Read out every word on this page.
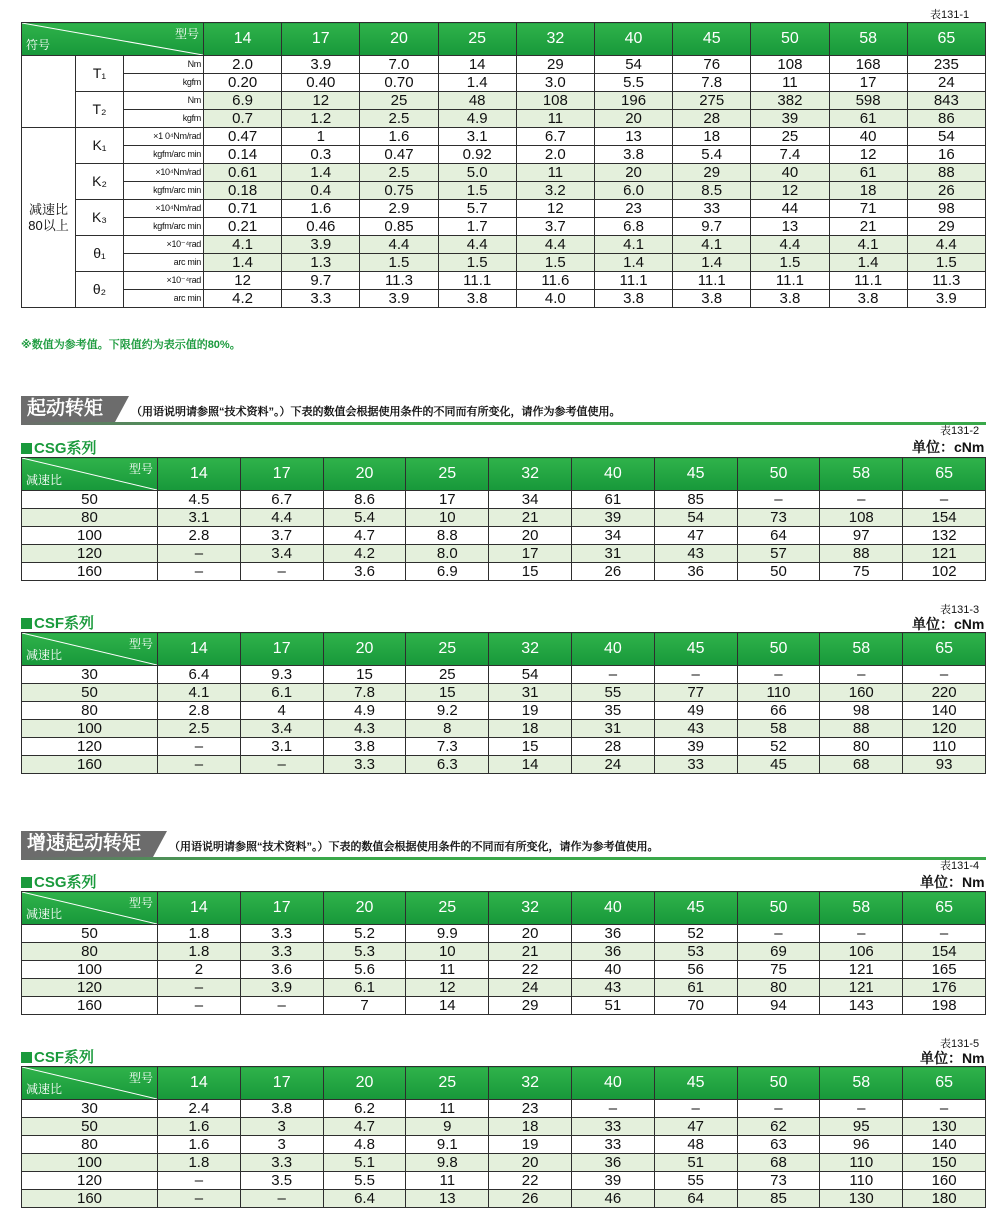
表131-1
型号
符号			14	17	20	25	32	40	45	50	58	65
	T₁	Nm	2.0	3.9	7.0	14	29	54	76	108	168	235
		kgfm	0.20	0.40	0.70	1.4	3.0	5.5	7.8	11	17	24
	T₂	Nm	6.9	12	25	48	108	196	275	382	598	843
		kgfm	0.7	1.2	2.5	4.9	11	20	28	39	61	86
减速比
80以上	K₁	×1 0⁴Nm/rad	0.47	1	1.6	3.1	6.7	13	18	25	40	54
		kgfm/arc min	0.14	0.3	0.47	0.92	2.0	3.8	5.4	7.4	12	16
	K₂	×10⁴Nm/rad	0.61	1.4	2.5	5.0	11	20	29	40	61	88
		kgfm/arc min	0.18	0.4	0.75	1.5	3.2	6.0	8.5	12	18	26
	K₃	×10⁴Nm/rad	0.71	1.6	2.9	5.7	12	23	33	44	71	98
		kgfm/arc min	0.21	0.46	0.85	1.7	3.7	6.8	9.7	13	21	29
	θ₁	×10⁻⁴rad	4.1	3.9	4.4	4.4	4.4	4.1	4.1	4.4	4.1	4.4
		arc min	1.4	1.3	1.5	1.5	1.5	1.4	1.4	1.5	1.4	1.5
	θ₂	×10⁻⁴rad	12	9.7	11.3	11.1	11.6	11.1	11.1	11.1	11.1	11.3
		arc min	4.2	3.3	3.9	3.8	4.0	3.8	3.8	3.8	3.8	3.9
※数值为参考值。下限值约为表示值的80%。
起动转矩	（用语说明请参照“技术资料”。）下表的数值会根据使用条件的不同而有所变化，请作为参考值使用。
表131-2
单位：cNm
CSG系列
型号
减速比	14	17	20	25	32	40	45	50	58	65
50	4.5	6.7	8.6	17	34	61	85	–	–	–
80	3.1	4.4	5.4	10	21	39	54	73	108	154
100	2.8	3.7	4.7	8.8	20	34	47	64	97	132
120	–	3.4	4.2	8.0	17	31	43	57	88	121
160	–	–	3.6	6.9	15	26	36	50	75	102
表131-3
单位：cNm
CSF系列
型号
减速比	14	17	20	25	32	40	45	50	58	65
30	6.4	9.3	15	25	54	–	–	–	–	–
50	4.1	6.1	7.8	15	31	55	77	110	160	220
80	2.8	4	4.9	9.2	19	35	49	66	98	140
100	2.5	3.4	4.3	8	18	31	43	58	88	120
120	–	3.1	3.8	7.3	15	28	39	52	80	110
160	–	–	3.3	6.3	14	24	33	45	68	93
增速起动转矩	（用语说明请参照“技术资料”。）下表的数值会根据使用条件的不同而有所变化，请作为参考值使用。
表131-4
单位：Nm
CSG系列
型号
减速比	14	17	20	25	32	40	45	50	58	65
50	1.8	3.3	5.2	9.9	20	36	52	–	–	–
80	1.8	3.3	5.3	10	21	36	53	69	106	154
100	2	3.6	5.6	11	22	40	56	75	121	165
120	–	3.9	6.1	12	24	43	61	80	121	176
160	–	–	7	14	29	51	70	94	143	198
表131-5
单位：Nm
CSF系列
型号
减速比	14	17	20	25	32	40	45	50	58	65
30	2.4	3.8	6.2	11	23	–	–	–	–	–
50	1.6	3	4.7	9	18	33	47	62	95	130
80	1.6	3	4.8	9.1	19	33	48	63	96	140
100	1.8	3.3	5.1	9.8	20	36	51	68	110	150
120	–	3.5	5.5	11	22	39	55	73	110	160
160	–	–	6.4	13	26	46	64	85	130	180
